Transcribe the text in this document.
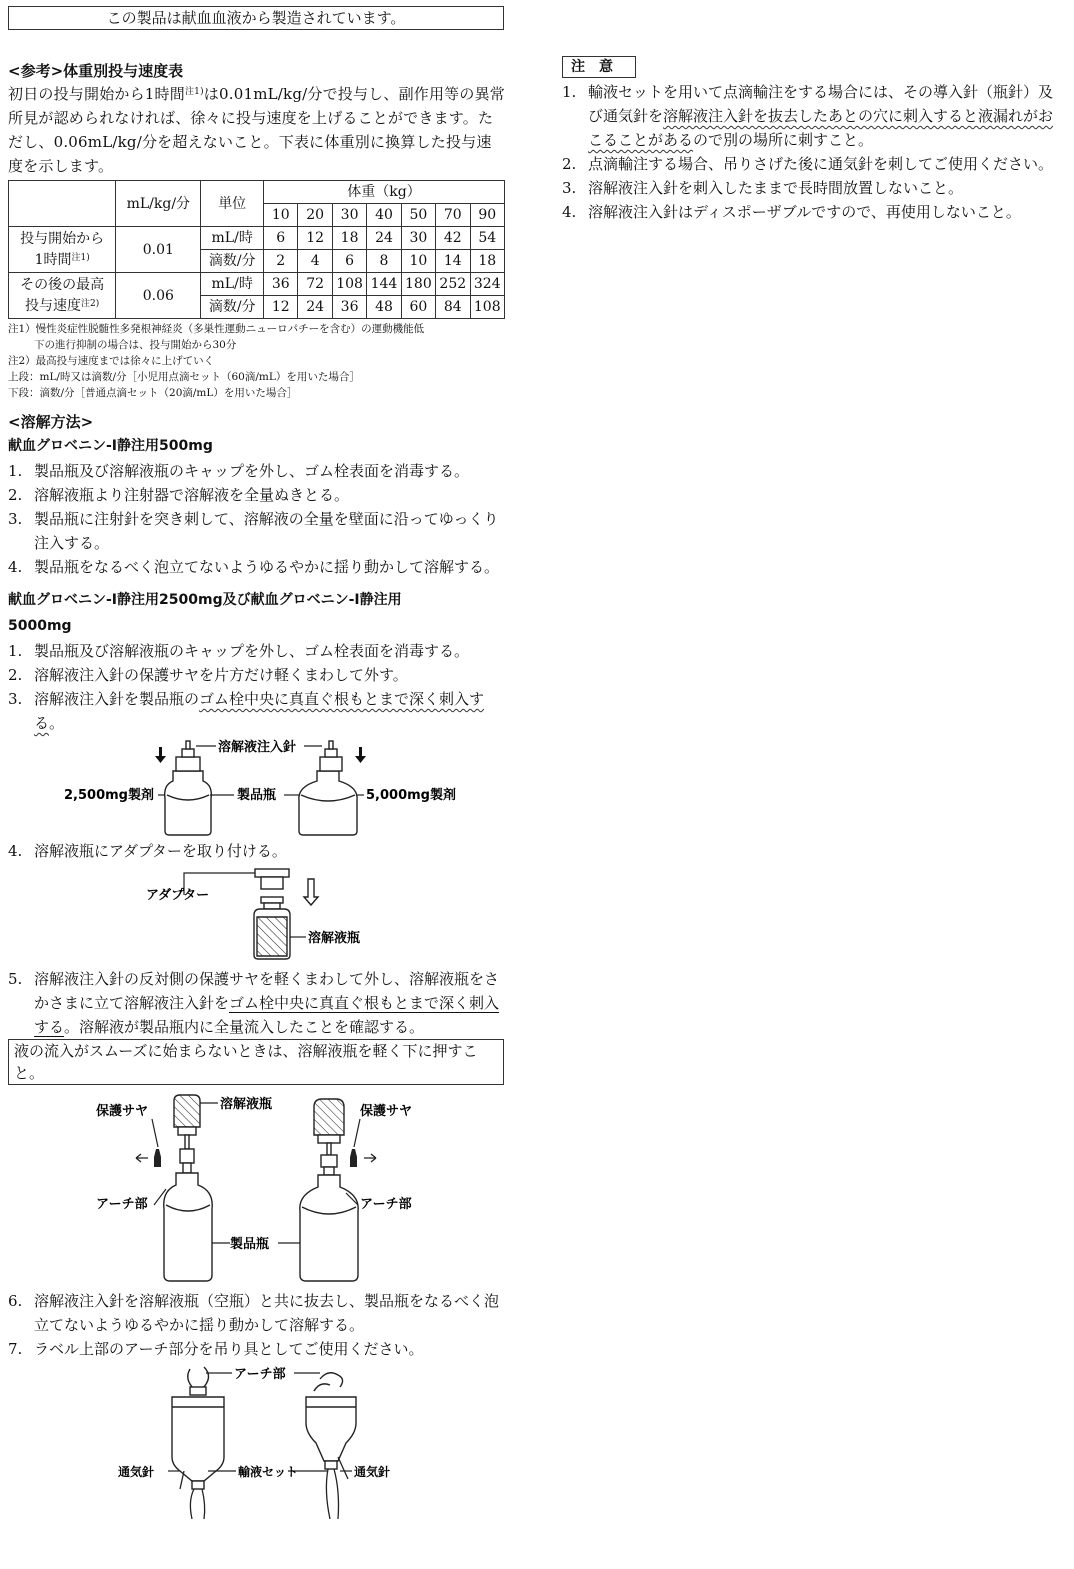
この製品は献血血液から製造されています。

<参考>体重別投与速度表

初日の投与開始から1時間$^{注1)}$は0.01mL/kg/分で投与し、副作用等の異常所見が認められなければ、徐々に投与速度を上げることができます。ただし、0.06mL/kg/分を超えないこと。下表に体重別に換算した投与速度を示します。

	mL/kg/分	単位	体重（kg）						
			10	20	30	40	50	70	90
投与開始から
1時間$^{注1)}$	0.01	mL/時	6	12	18	24	30	42	54
		滴数/分	2	4	6	8	10	14	18
その後の最高
投与速度$^{注2)}$	0.06	mL/時	36	72	108	144	180	252	324
		滴数/分	12	24	36	48	60	84	108

注1）慢性炎症性脱髄性多発根神経炎（多巣性運動ニューロパチーを含む）の運動機能低

下の進行抑制の場合は、投与開始から30分

注2）最高投与速度までは徐々に上げていく

上段：mL/時又は滴数/分［小児用点滴セット（60滴/mL）を用いた場合］

下段：滴数/分［普通点滴セット（20滴/mL）を用いた場合］

<溶解方法>

献血グロベニン-Ⅰ静注用500mg

1. 製品瓶及び溶解液瓶のキャップを外し、ゴム栓表面を消毒する。
2. 溶解液瓶より注射器で溶解液を全量ぬきとる。
3. 製品瓶に注射針を突き刺して、溶解液の全量を壁面に沿ってゆっくり注入する。
4. 製品瓶をなるべく泡立てないようゆるやかに揺り動かして溶解する。

献血グロベニン-Ⅰ静注用2500mg及び献血グロベニン-Ⅰ静注用
5000mg

1. 製品瓶及び溶解液瓶のキャップを外し、ゴム栓表面を消毒する。
2. 溶解液注入針の保護サヤを片方だけ軽くまわして外す。
3. 溶解液注入針を製品瓶のゴム栓中央に真直ぐ根もとまで深く刺入する。
溶解液注入針
2,500mg製剤	製品瓶	5,000mg製剤
4. 溶解液瓶にアダプターを取り付ける。
アダプター
溶解液瓶
5. 溶解液注入針の反対側の保護サヤを軽くまわして外し、溶解液瓶をさかさまに立て溶解液注入針をゴム栓中央に真直ぐ根もとまで深く刺入する。溶解液が製品瓶内に全量流入したことを確認する。
液の流入がスムーズに始まらないときは、溶解液瓶を軽く下に押すこと。
保護サヤ	溶解液瓶	保護サヤ
アーチ部	アーチ部
製品瓶
6. 溶解液注入針を溶解液瓶（空瓶）と共に抜去し、製品瓶をなるべく泡立てないようゆるやかに揺り動かして溶解する。
7. ラベル上部のアーチ部分を吊り具としてご使用ください。
アーチ部
通気針	輸液セット	通気針
注意
1. 輸液セットを用いて点滴輸注をする場合には、その導入針（瓶針）及び通気針を溶解液注入針を抜去したあとの穴に刺入すると液漏れがおこることがあるので別の場所に刺すこと。
2. 点滴輸注する場合、吊りさげた後に通気針を刺してご使用ください。
3. 溶解液注入針を刺入したままで長時間放置しないこと。
4. 溶解液注入針はディスポーザブルですので、再使用しないこと。
